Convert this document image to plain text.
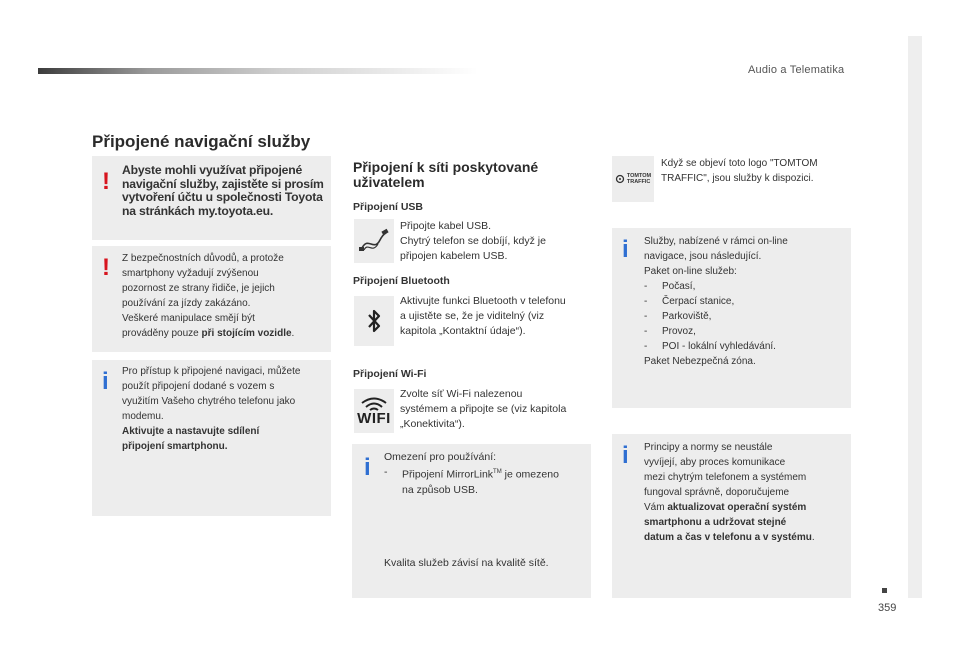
Audio a Telematika
359
Připojené navigační služby
! Abyste mohli využívat připojené navigační služby, zajistěte si prosím vytvoření účtu u společnosti Toyota na stránkách my.toyota.eu.
! Z bezpečnostních důvodů, a protože
smartphony vyžadují zvýšenou
pozornost ze strany řidiče, je jejich
používání za jízdy zakázáno.
Veškeré manipulace smějí být
prováděny pouze při stojícím vozidle.
i Pro přístup k připojené navigaci, můžete
použít připojení dodané s vozem s
využitím Vašeho chytrého telefonu jako
modemu.
Aktivujte a nastavujte sdílení
připojení smartphonu.
Připojení k síti poskytované
uživatelem
Připojení USB
Připojte kabel USB.
Chytrý telefon se dobíjí, když je
připojen kabelem USB.
Připojení Bluetooth
Aktivujte funkci Bluetooth v telefonu
a ujistěte se, že je viditelný (viz
kapitola „Kontaktní údaje“).
Připojení Wi-Fi
WIFI
Zvolte síť Wi-Fi nalezenou
systémem a připojte se (viz kapitola
„Konektivita“).
i Omezení pro používání:
-	Připojení MirrorLink™ je omezeno
na způsob USB.
Kvalita služeb závisí na kvalitě sítě.
TOMTOM
TRAFFIC
Když se objeví toto logo "TOMTOM
TRAFFIC", jsou služby k dispozici.
i Služby, nabízené v rámci on-line
navigace, jsou následující.
Paket on-line služeb:
-	Počasí,
-	Čerpací stanice,
-	Parkoviště,
-	Provoz,
-	POI - lokální vyhledávání.
Paket Nebezpečná zóna.
i Principy a normy se neustále
vyvíjejí, aby proces komunikace
mezi chytrým telefonem a systémem
fungoval správně, doporučujeme
Vám aktualizovat operační systém
smartphonu a udržovat stejné
datum a čas v telefonu a v systému.
